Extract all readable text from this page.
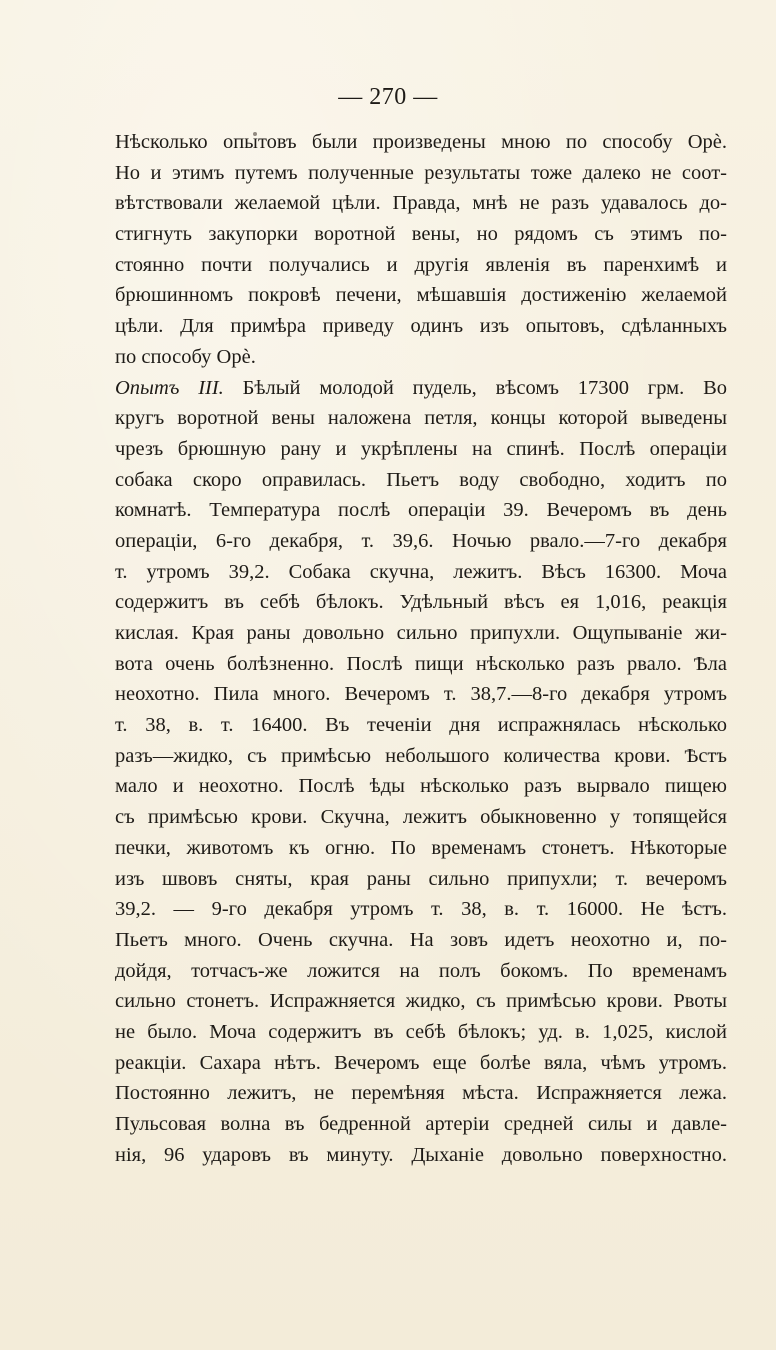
— 270 —
Нѣсколько опытовъ были произведены мною по способу Орѐ.
Но и этимъ путемъ полученные результаты тоже далеко не соот-
вѣтствовали желаемой цѣли. Правда, мнѣ не разъ удавалось до-
стигнуть закупорки воротной вены, но рядомъ съ этимъ по-
стоянно почти получались и другія явленія въ паренхимѣ и
брюшинномъ покровѣ печени, мѣшавшія достиженію желаемой
цѣли. Для примѣра приведу одинъ изъ опытовъ, сдѣланныхъ
по способу Орѐ.
Опытъ III. Бѣлый молодой пудель, вѣсомъ 17300 грм. Во
кругъ воротной вены наложена петля, концы которой выведены
чрезъ брюшную рану и укрѣплены на спинѣ. Послѣ операціи
собака скоро оправилась. Пьетъ воду свободно, ходитъ по
комнатѣ. Температура послѣ операціи 39. Вечеромъ въ день
операціи, 6-го декабря, т. 39,6. Ночью рвало.—7-го декабря
т. утромъ 39,2. Собака скучна, лежитъ. Вѣсъ 16300. Моча
содержитъ въ себѣ бѣлокъ. Удѣльный вѣсъ ея 1,016, реакція
кислая. Края раны довольно сильно припухли. Ощупываніе жи-
вота очень болѣзненно. Послѣ пищи нѣсколько разъ рвало. Ѣла
неохотно. Пила много. Вечеромъ т. 38,7.—8-го декабря утромъ
т. 38, в. т. 16400. Въ теченіи дня испражнялась нѣсколько
разъ—жидко, съ примѣсью небольшого количества крови. Ѣстъ
мало и неохотно. Послѣ ѣды нѣсколько разъ вырвало пищею
съ примѣсью крови. Скучна, лежитъ обыкновенно у топящейся
печки, животомъ къ огню. По временамъ стонетъ. Нѣкоторые
изъ швовъ сняты, края раны сильно припухли; т. вечеромъ
39,2. — 9-го декабря утромъ т. 38, в. т. 16000. Не ѣстъ.
Пьетъ много. Очень скучна. На зовъ идетъ неохотно и, по-
дойдя, тотчасъ-же ложится на полъ бокомъ. По временамъ
сильно стонетъ. Испражняется жидко, съ примѣсью крови. Рвоты
не было. Моча содержитъ въ себѣ бѣлокъ; уд. в. 1,025, кислой
реакціи. Сахара нѣтъ. Вечеромъ еще болѣе вяла, чѣмъ утромъ.
Постоянно лежитъ, не перемѣняя мѣста. Испражняется лежа.
Пульсовая волна въ бедренной артеріи средней силы и давле-
нія, 96 ударовъ въ минуту. Дыханіе довольно поверхностно.
